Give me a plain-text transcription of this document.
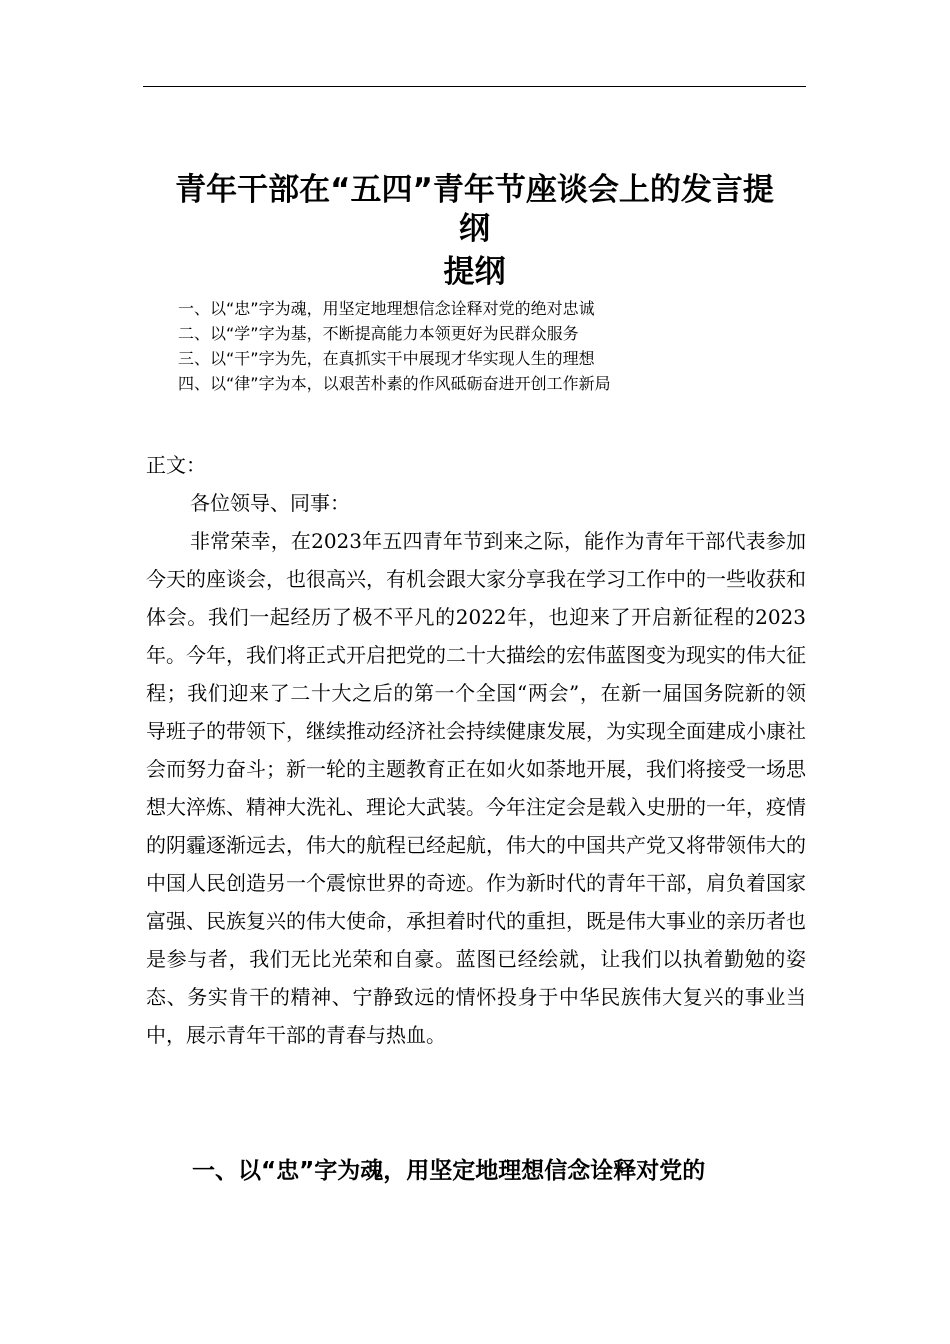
青年干部在“五四”青年节座谈会上的发言提
纲
提纲
一、以“忠”字为魂，用坚定地理想信念诠释对党的绝对忠诚
二、以“学”字为基，不断提高能力本领更好为民群众服务
三、以“干”字为先，在真抓实干中展现才华实现人生的理想
四、以“律”字为本，以艰苦朴素的作风砥砺奋进开创工作新局

正文：

各位领导、同事：

非常荣幸，在2023年五四青年节到来之际，能作为青年干部代表参加今天的座谈会，也很高兴，有机会跟大家分享我在学习工作中的一些收获和体会。我们一起经历了极不平凡的2022年，也迎来了开启新征程的2023年。今年，我们将正式开启把党的二十大描绘的宏伟蓝图变为现实的伟大征程；我们迎来了二十大之后的第一个全国“两会”，在新一届国务院新的领导班子的带领下，继续推动经济社会持续健康发展，为实现全面建成小康社会而努力奋斗；新一轮的主题教育正在如火如荼地开展，我们将接受一场思想大淬炼、精神大洗礼、理论大武装。今年注定会是载入史册的一年，疫情的阴霾逐渐远去，伟大的航程已经起航，伟大的中国共产党又将带领伟大的中国人民创造另一个震惊世界的奇迹。作为新时代的青年干部，肩负着国家富强、民族复兴的伟大使命，承担着时代的重担，既是伟大事业的亲历者也是参与者，我们无比光荣和自豪。蓝图已经绘就，让我们以执着勤勉的姿态、务实肯干的精神、宁静致远的情怀投身于中华民族伟大复兴的事业当中，展示青年干部的青春与热血。

一、以“忠”字为魂，用坚定地理想信念诠释对党的
